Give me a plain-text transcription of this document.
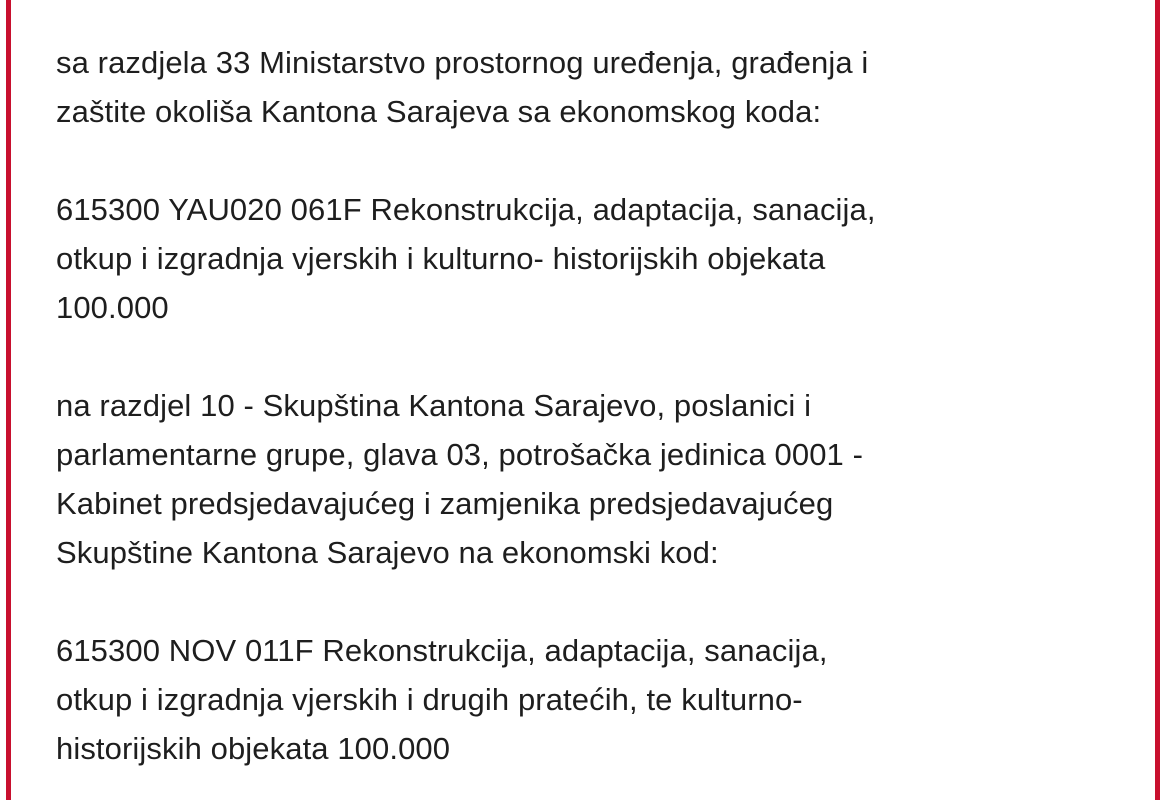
sa razdjela 33 Ministarstvo prostornog uređenja, građenja i
zaštite okoliša Kantona Sarajeva sa ekonomskog koda:

615300 YAU020 061F Rekonstrukcija, adaptacija, sanacija,
otkup i izgradnja vjerskih i kulturno- historijskih objekata
100.000

na razdjel 10 - Skupština Kantona Sarajevo, poslanici i
parlamentarne grupe, glava 03, potrošačka jedinica 0001 -
Kabinet predsjedavajućeg i zamjenika predsjedavajućeg
Skupštine Kantona Sarajevo na ekonomski kod:

615300 NOV 011F Rekonstrukcija, adaptacija, sanacija,
otkup i izgradnja vjerskih i drugih pratećih, te kulturno-
historijskih objekata 100.000
